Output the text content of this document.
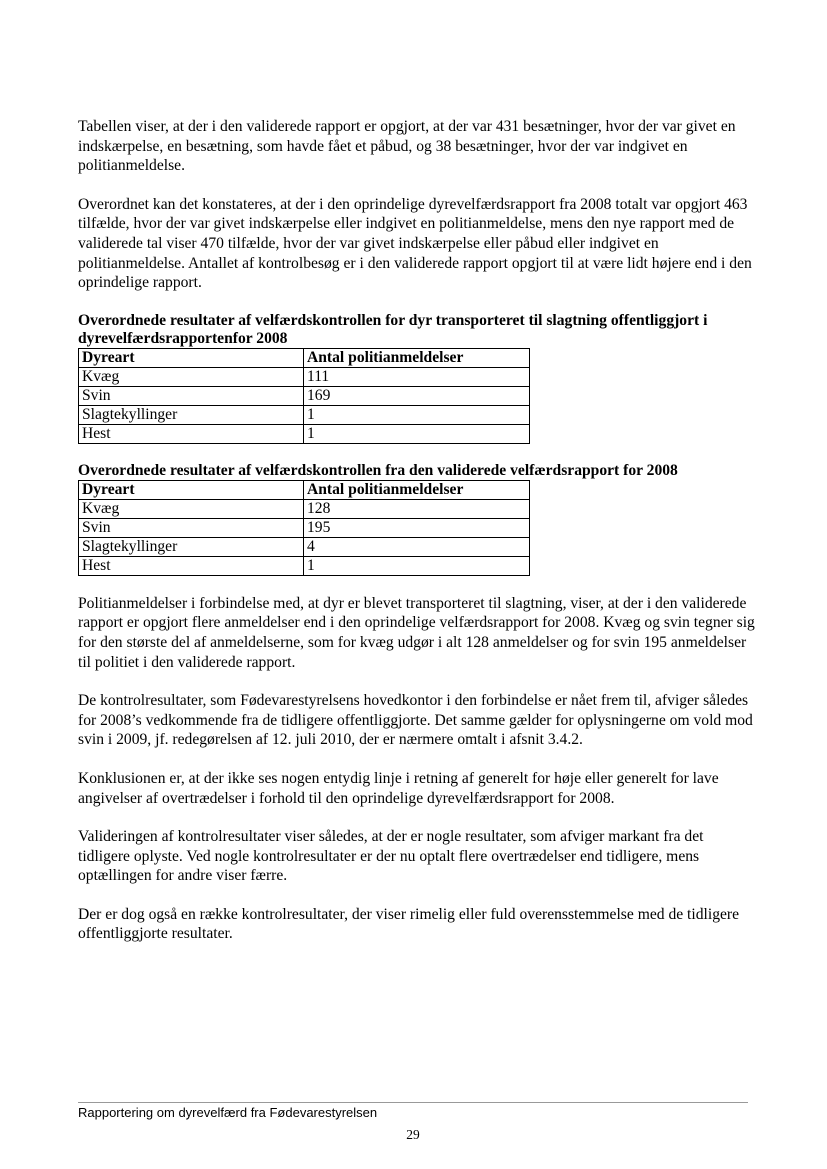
Tabellen viser, at der i den validerede rapport er opgjort, at der var 431 besætninger, hvor der var givet en indskærpelse, en besætning, som havde fået et påbud, og 38 besætninger, hvor der var indgivet en politianmeldelse.

Overordnet kan det konstateres, at der i den oprindelige dyrevelfærdsrapport fra 2008 totalt var opgjort 463 tilfælde, hvor der var givet indskærpelse eller indgivet en politianmeldelse, mens den nye rapport med de validerede tal viser 470 tilfælde, hvor der var givet indskærpelse eller påbud eller indgivet en politianmeldelse. Antallet af kontrolbesøg er i den validerede rapport opgjort til at være lidt højere end i den oprindelige rapport.

Overordnede resultater af velfærdskontrollen for dyr transporteret til slagtning offentliggjort i dyrevelfærdsrapportenfor 2008
Dyreart	Antal politianmeldelser
Kvæg	111
Svin	169
Slagtekyllinger	1
Hest	1
Overordnede resultater af velfærdskontrollen fra den validerede velfærdsrapport for 2008
Dyreart	Antal politianmeldelser
Kvæg	128
Svin	195
Slagtekyllinger	4
Hest	1

Politianmeldelser i forbindelse med, at dyr er blevet transporteret til slagtning, viser, at der i den validerede rapport er opgjort flere anmeldelser end i den oprindelige velfærdsrapport for 2008. Kvæg og svin tegner sig for den største del af anmeldelserne, som for kvæg udgør i alt 128 anmeldelser og for svin 195 anmeldelser til politiet i den validerede rapport.

De kontrolresultater, som Fødevarestyrelsens hovedkontor i den forbindelse er nået frem til, afviger således for 2008’s vedkommende fra de tidligere offentliggjorte. Det samme gælder for oplysningerne om vold mod svin i 2009, jf. redegørelsen af 12. juli 2010, der er nærmere omtalt i afsnit 3.4.2.

Konklusionen er, at der ikke ses nogen entydig linje i retning af generelt for høje eller generelt for lave angivelser af overtrædelser i forhold til den oprindelige dyrevelfærdsrapport for 2008.

Valideringen af kontrolresultater viser således, at der er nogle resultater, som afviger markant fra det tidligere oplyste. Ved nogle kontrolresultater er der nu optalt flere overtrædelser end tidligere, mens optællingen for andre viser færre.

Der er dog også en række kontrolresultater, der viser rimelig eller fuld overensstemmelse med de tidligere offentliggjorte resultater.

Rapportering om dyrevelfærd fra Fødevarestyrelsen
29
